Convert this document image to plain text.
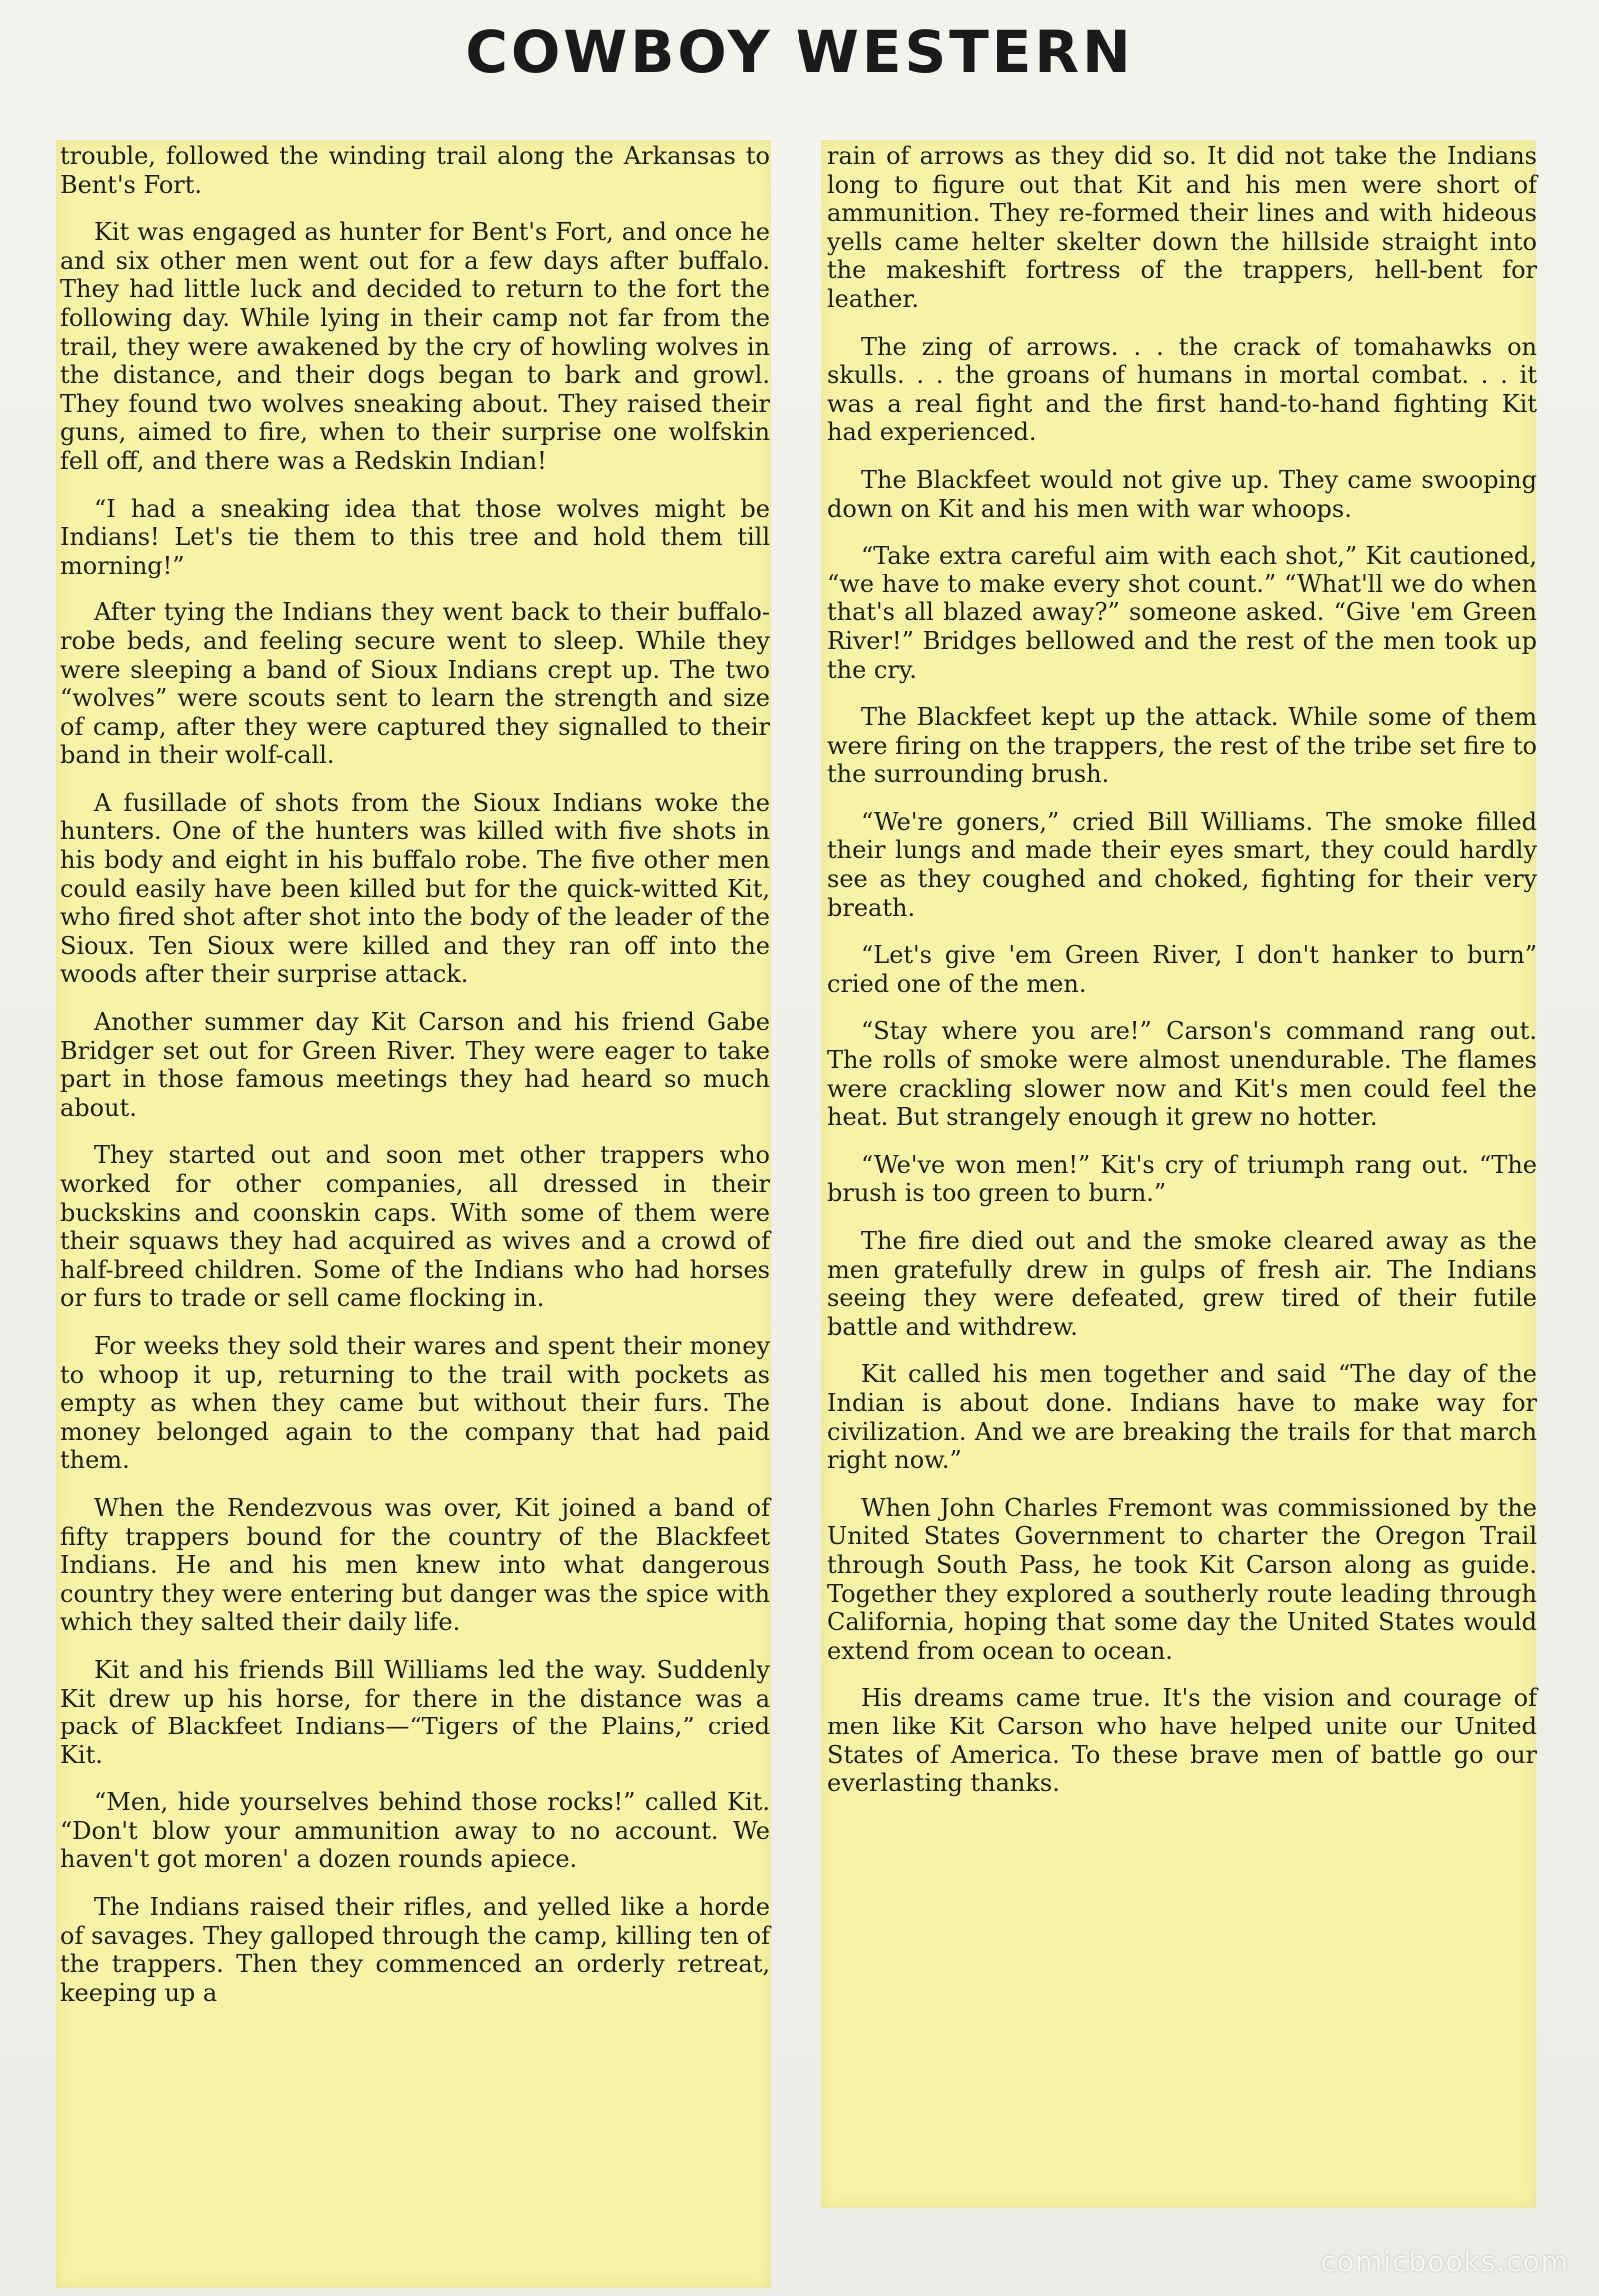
COWBOY WESTERN

trouble, followed the winding trail along the Arkansas to Bent's Fort.

Kit was engaged as hunter for Bent's Fort, and once he and six other men went out for a few days after buffalo. They had little luck and decided to return to the fort the following day. While lying in their camp not far from the trail, they were awakened by the cry of howling wolves in the distance, and their dogs began to bark and growl. They found two wolves sneaking about. They raised their guns, aimed to fire, when to their surprise one wolfskin fell off, and there was a Redskin Indian!

“I had a sneaking idea that those wolves might be Indians! Let's tie them to this tree and hold them till morning!”

After tying the Indians they went back to their buffalo-robe beds, and feeling secure went to sleep. While they were sleeping a band of Sioux Indians crept up. The two “wolves” were scouts sent to learn the strength and size of camp, after they were captured they signalled to their band in their wolf-call.

A fusillade of shots from the Sioux Indians woke the hunters. One of the hunters was killed with five shots in his body and eight in his buffalo robe. The five other men could easily have been killed but for the quick-witted Kit, who fired shot after shot into the body of the leader of the Sioux. Ten Sioux were killed and they ran off into the woods after their surprise attack.

Another summer day Kit Carson and his friend Gabe Bridger set out for Green River. They were eager to take part in those famous meetings they had heard so much about.

They started out and soon met other trappers who worked for other companies, all dressed in their buckskins and coonskin caps. With some of them were their squaws they had acquired as wives and a crowd of half-breed children. Some of the Indians who had horses or furs to trade or sell came flocking in.

For weeks they sold their wares and spent their money to whoop it up, returning to the trail with pockets as empty as when they came but without their furs. The money belonged again to the company that had paid them.

When the Rendezvous was over, Kit joined a band of fifty trappers bound for the country of the Blackfeet Indians. He and his men knew into what dangerous country they were entering but danger was the spice with which they salted their daily life.

Kit and his friends Bill Williams led the way. Suddenly Kit drew up his horse, for there in the distance was a pack of Blackfeet Indians—“Tigers of the Plains,” cried Kit.

“Men, hide yourselves behind those rocks!” called Kit. “Don't blow your ammunition away to no account. We haven't got moren' a dozen rounds apiece.

The Indians raised their rifles, and yelled like a horde of savages. They galloped through the camp, killing ten of the trappers. Then they commenced an orderly retreat, keeping up a

rain of arrows as they did so. It did not take the Indians long to figure out that Kit and his men were short of ammunition. They re-formed their lines and with hideous yells came helter skelter down the hillside straight into the makeshift fortress of the trappers, hell-bent for leather.

The zing of arrows. . . the crack of tomahawks on skulls. . . the groans of humans in mortal combat. . . it was a real fight and the first hand-to-hand fighting Kit had experienced.

The Blackfeet would not give up. They came swooping down on Kit and his men with war whoops.

“Take extra careful aim with each shot,” Kit cautioned, “we have to make every shot count.” “What'll we do when that's all blazed away?” someone asked. “Give 'em Green River!” Bridges bellowed and the rest of the men took up the cry.

The Blackfeet kept up the attack. While some of them were firing on the trappers, the rest of the tribe set fire to the surrounding brush.

“We're goners,” cried Bill Williams. The smoke filled their lungs and made their eyes smart, they could hardly see as they coughed and choked, fighting for their very breath.

“Let's give 'em Green River, I don't hanker to burn” cried one of the men.

“Stay where you are!” Carson's command rang out. The rolls of smoke were almost unendurable. The flames were crackling slower now and Kit's men could feel the heat. But strangely enough it grew no hotter.

“We've won men!” Kit's cry of triumph rang out. “The brush is too green to burn.”

The fire died out and the smoke cleared away as the men gratefully drew in gulps of fresh air. The Indians seeing they were defeated, grew tired of their futile battle and withdrew.

Kit called his men together and said “The day of the Indian is about done. Indians have to make way for civilization. And we are breaking the trails for that march right now.”

When John Charles Fremont was commissioned by the United States Government to charter the Oregon Trail through South Pass, he took Kit Carson along as guide. Together they explored a southerly route leading through California, hoping that some day the United States would extend from ocean to ocean.

His dreams came true. It's the vision and courage of men like Kit Carson who have helped unite our United States of America. To these brave men of battle go our everlasting thanks.

comicbooks.com
